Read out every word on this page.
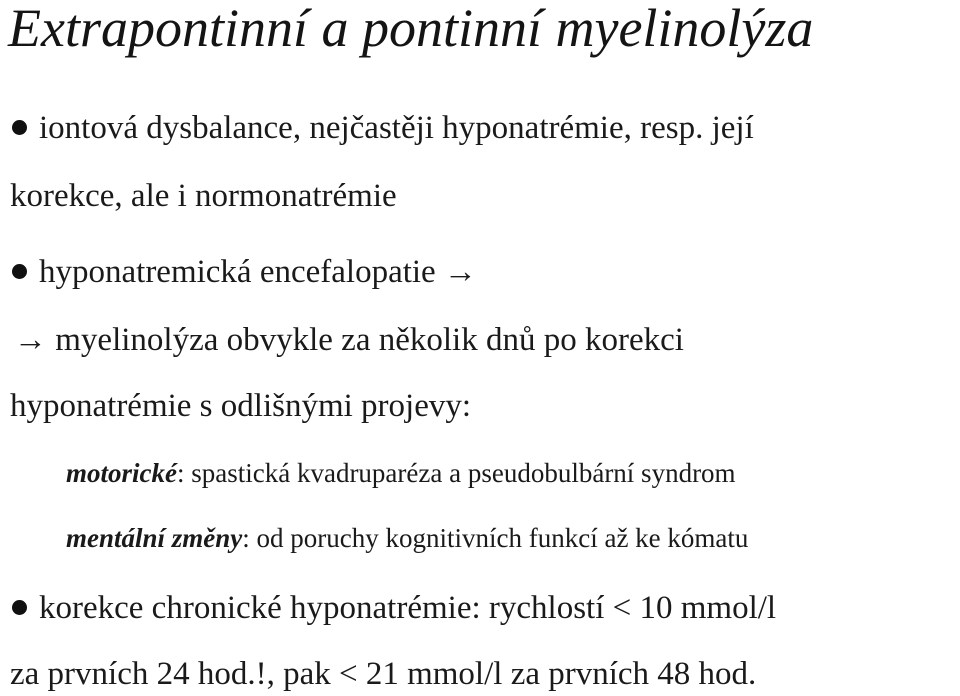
Extrapontinní a pontinní myelinolýza
iontová dysbalance, nejčastěji hyponatrémie, resp. její
korekce, ale i normonatrémie
hyponatremická encefalopatie →
→ myelinolýza obvykle za několik dnů po korekci
hyponatrémie s odlišnými projevy:
motorické: spastická kvadruparéza a pseudobulbární syndrom
mentální změny: od poruchy kognitivních funkcí až ke kómatu
korekce chronické hyponatrémie: rychlostí < 10 mmol/l
za prvních 24 hod.!, pak < 21 mmol/l za prvních 48 hod.
